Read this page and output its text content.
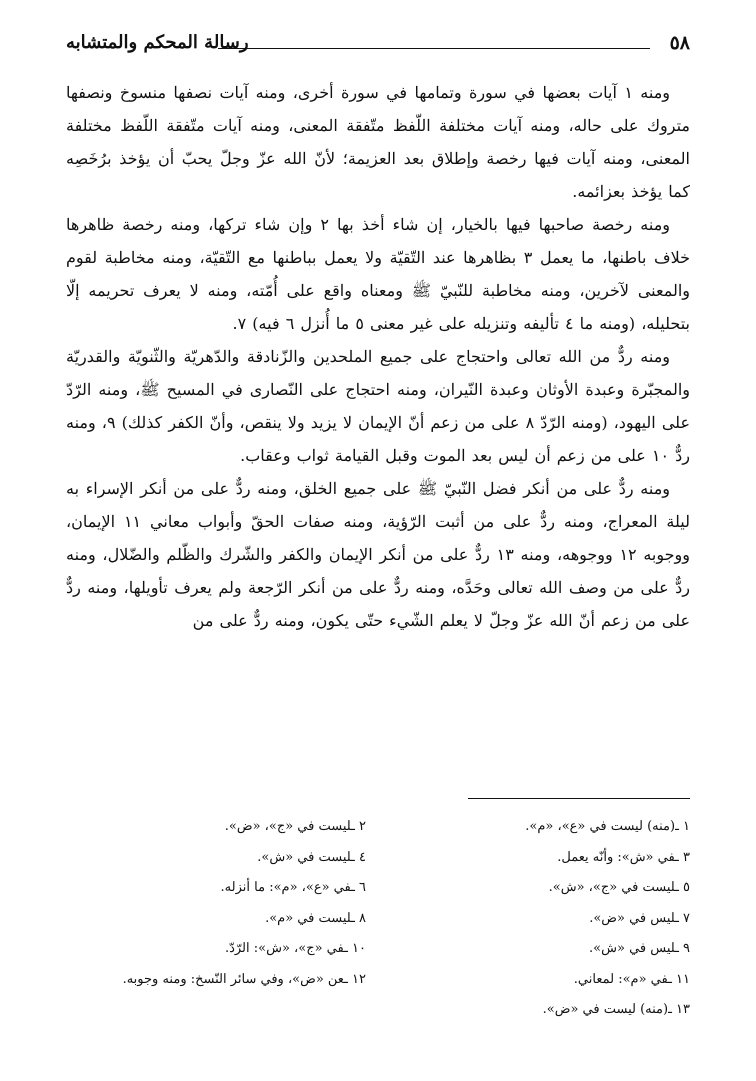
٥٨
رسالة المحكم والمتشابه

ومنه ١ آيات بعضها في سورة وتمامها في سورة أخرى، ومنه آيات نصفها منسوخ ونصفها متروك على حاله، ومنه آيات مختلفة اللّفظ متّفقة المعنى، ومنه آيات متّفقة اللّفظ مختلفة المعنى، ومنه آيات فيها رخصة وإطلاق بعد العزيمة؛ لأنّ الله عزّ وجلّ يحبّ أن يؤخذ برُخَصِه كما يؤخذ بعزائمه.

ومنه رخصة صاحبها فيها بالخيار، إن شاء أخذ بها ٢ وإن شاء تركها، ومنه رخصة ظاهرها خلاف باطنها، ما يعمل ٣ بظاهرها عند التّقيّة ولا يعمل بباطنها مع التّقيّة، ومنه مخاطبة لقوم والمعنى لآخرين، ومنه مخاطبة للنّبيّ ﷺ ومعناه واقع على أُمّته، ومنه لا يعرف تحريمه إلّا بتحليله، (ومنه ما ٤ تأليفه وتنزيله على غير معنى ٥ ما أُنزل ٦ فيه) ٧.

ومنه ردٌّ من الله تعالى واحتجاج على جميع الملحدين والزّنادقة والدّهريّة والثّنويّة والقدريّة والمجبّرة وعبدة الأوثان وعبدة النّيران، ومنه احتجاج على النّصارى في المسيح ﷺ، ومنه الرّدّ على اليهود، (ومنه الرّدّ ٨ على من زعم أنّ الإيمان لا يزيد ولا ينقص، وأنّ الكفر كذلك) ٩، ومنه ردٌّ ١٠ على من زعم أن ليس بعد الموت وقبل القيامة ثواب وعقاب.

ومنه ردٌّ على من أنكر فضل النّبيّ ﷺ على جميع الخلق، ومنه ردٌّ على من أنكر الإسراء به ليلة المعراج، ومنه ردٌّ على من أثبت الرّؤية، ومنه صفات الحقّ وأبواب معاني ١١ الإيمان، ووجوبه ١٢ ووجوهه، ومنه ١٣ ردٌّ على من أنكر الإيمان والكفر والشّرك والظّلم والضّلال، ومنه ردٌّ على من وصف الله تعالى وحَدَّه، ومنه ردٌّ على من أنكر الرّجعة ولم يعرف تأويلها، ومنه ردٌّ على من زعم أنّ الله عزّ وجلّ لا يعلم الشّيء حتّى يكون، ومنه ردٌّ على من

١ ـ(منه) ليست في «ع»، «م».
٣ ـفي «ش»: وأنّه يعمل.
٥ ـليست في «ج»، «ش».
٧ ـليس في «ض».
٩ ـليس في «ش».
١١ ـفي «م»: لمعاني.
١٣ ـ(منه) ليست في «ض».
٢ ـليست في «ج»، «ض».
٤ ـليست في «ش».
٦ ـفي «ع»، «م»: ما أنزله.
٨ ـليست في «م».
١٠ ـفي «ج»، «ش»: الرّدّ.
١٢ ـعن «ض»، وفي سائر النّسخ: ومنه وجوبه.
